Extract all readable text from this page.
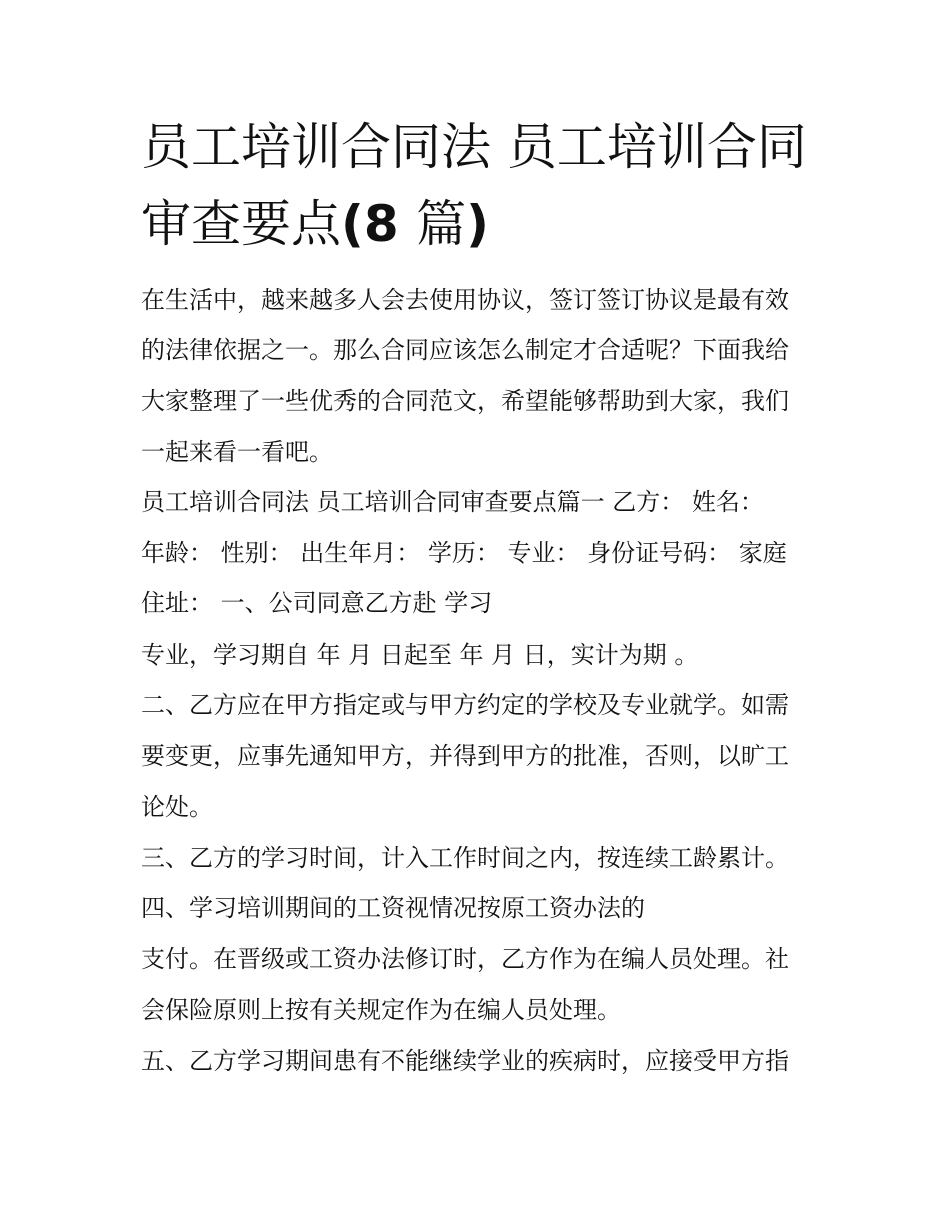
员工培训合同法 员工培训合同
审查要点(8 篇)

在生活中，越来越多人会去使用协议，签订签订协议是最有效

的法律依据之一。那么合同应该怎么制定才合适呢？下面我给

大家整理了一些优秀的合同范文，希望能够帮助到大家，我们

一起来看一看吧。

员工培训合同法 员工培训合同审查要点篇一 乙方： 姓名：

年龄： 性别： 出生年月： 学历： 专业： 身份证号码： 家庭

住址： 一、公司同意乙方赴 学习

专业，学习期自 年 月 日起至 年 月 日，实计为期 。

二、乙方应在甲方指定或与甲方约定的学校及专业就学。如需

要变更，应事先通知甲方，并得到甲方的批准，否则，以旷工

论处。

三、乙方的学习时间，计入工作时间之内，按连续工龄累计。

四、学习培训期间的工资视情况按原工资办法的

支付。在晋级或工资办法修订时，乙方作为在编人员处理。社

会保险原则上按有关规定作为在编人员处理。

五、乙方学习期间患有不能继续学业的疾病时，应接受甲方指
